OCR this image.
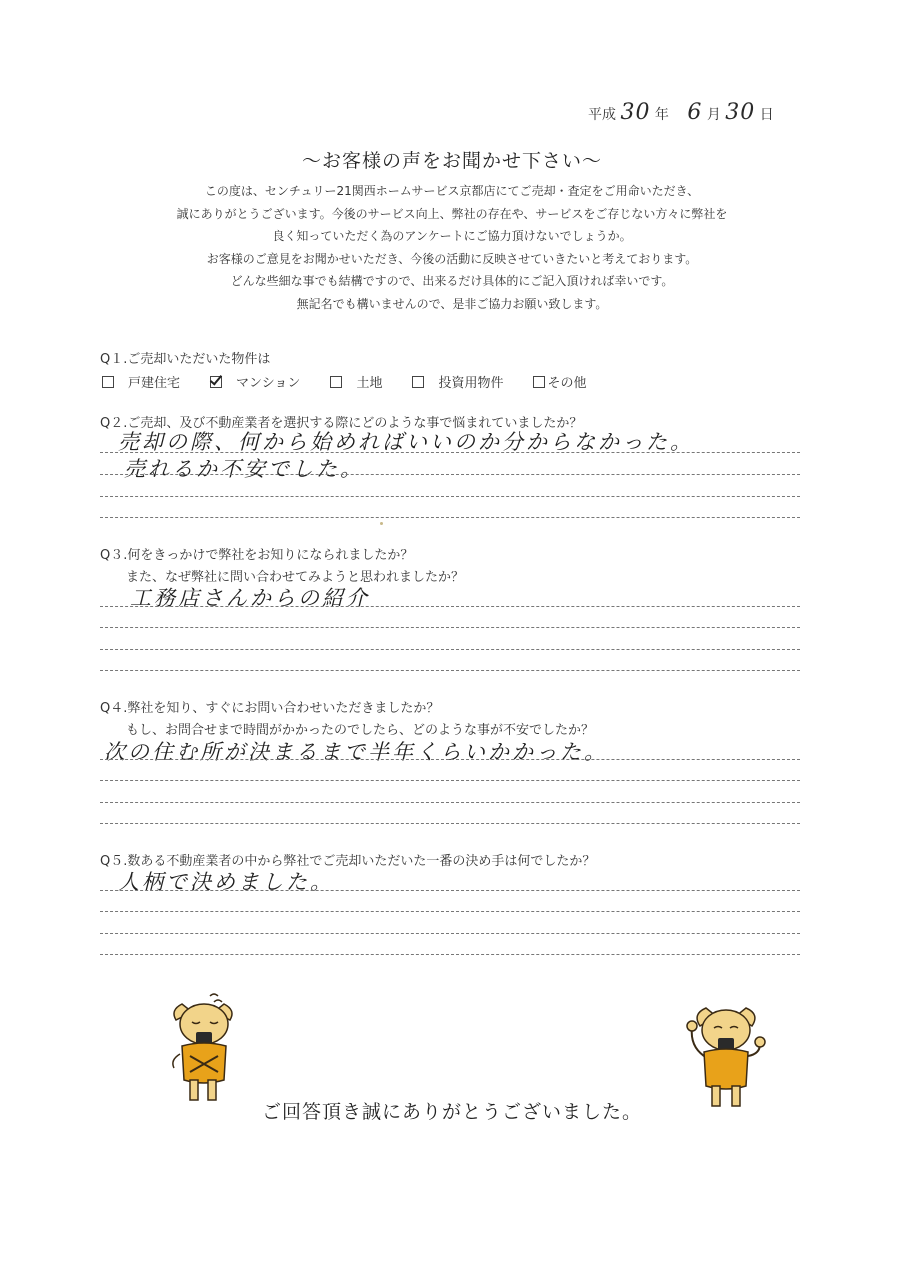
平成 30 年 6 月 30 日
～お客様の声をお聞かせ下さい～
この度は、センチュリー21関西ホームサービス京都店にてご売却・査定をご用命いただき、
誠にありがとうございます。今後のサービス向上、弊社の存在や、サービスをご存じない方々に弊社を
良く知っていただく為のアンケートにご協力頂けないでしょうか。
お客様のご意見をお聞かせいただき、今後の活動に反映させていきたいと考えております。
どんな些細な事でも結構ですので、出来るだけ具体的にご記入頂ければ幸いです。
無記名でも構いませんので、是非ご協力お願い致します。
Q１.ご売却いただいた物件は
戸建住宅	マンション	土地	投資用物件	その他
Q２.ご売却、及び不動産業者を選択する際にどのような事で悩まれていましたか？
売却の際、何から始めればいいのか分からなかった。
売れるか不安でした。
Q３.何をきっかけで弊社をお知りになられましたか？
また、なぜ弊社に問い合わせてみようと思われましたか？
工務店さんからの紹介
Q４.弊社を知り、すぐにお問い合わせいただきましたか？
もし、お問合せまで時間がかかったのでしたら、どのような事が不安でしたか？
次の住む所が決まるまで半年くらいかかった。
Q５.数ある不動産業者の中から弊社でご売却いただいた一番の決め手は何でしたか？
人柄で決めました。
ご回答頂き誠にありがとうございました。
